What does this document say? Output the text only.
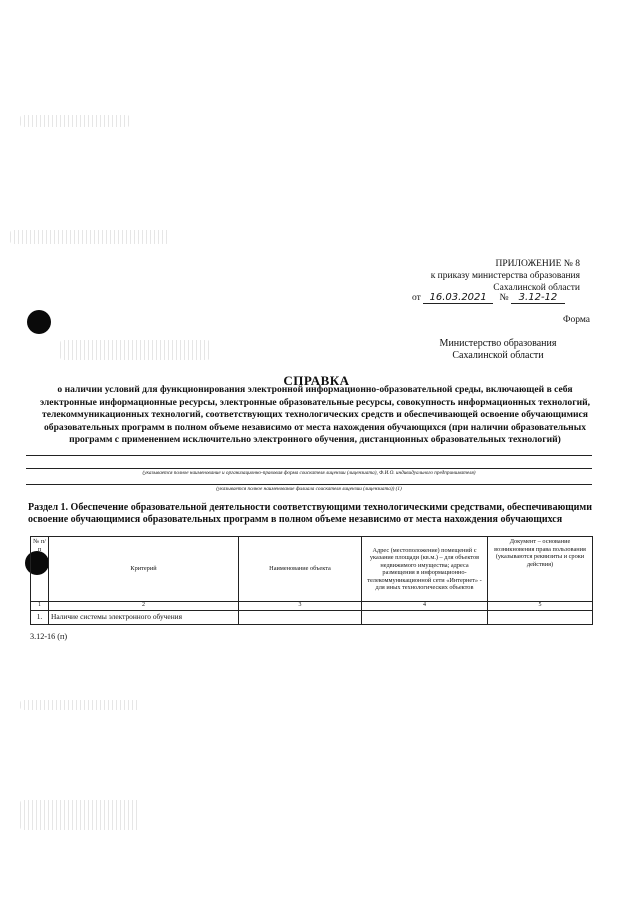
ПРИЛОЖЕНИЕ № 8
к приказу министерства образования
Сахалинской области
от 16.03.2021 № 3.12-12
Форма
Министерство образования
Сахалинской области
СПРАВКА
о наличии условий для функционирования электронной информационно-образовательной среды, включающей в себя электронные информационные ресурсы, электронные образовательные ресурсы, совокупность информационных технологий, телекоммуникационных технологий, соответствующих технологических средств и обеспечивающей освоение обучающимися образовательных программ в полном объеме независимо от места нахождения обучающихся (при наличии образовательных программ с применением исключительно электронного обучения, дистанционных образовательных технологий)
(указывается полное наименование и организационно-правовая форма соискателя лицензии (лицензиата), Ф.И.О. индивидуального предпринимателя)
(указывается полное наименование филиала соискателя лицензии (лицензиата)) (1)
Раздел 1. Обеспечение образовательной деятельности соответствующими технологическими средствами, обеспечивающими освоение обучающимися образовательных программ в полном объеме независимо от места нахождения обучающихся
№ п/п	Критерий	Наименование объекта	Адрес (местоположение) помещений с указание площади (кв.м.) – для объектов недвижимого имущества; адреса размещения в информационно-телекоммуникационной сети «Интернет» - для иных технологических объектов	Документ – основание возникновения права пользования (указываются реквизиты и сроки действия)
1	2	3	4	5
1.	Наличие системы электронного обучения			
3.12-16 (п)
